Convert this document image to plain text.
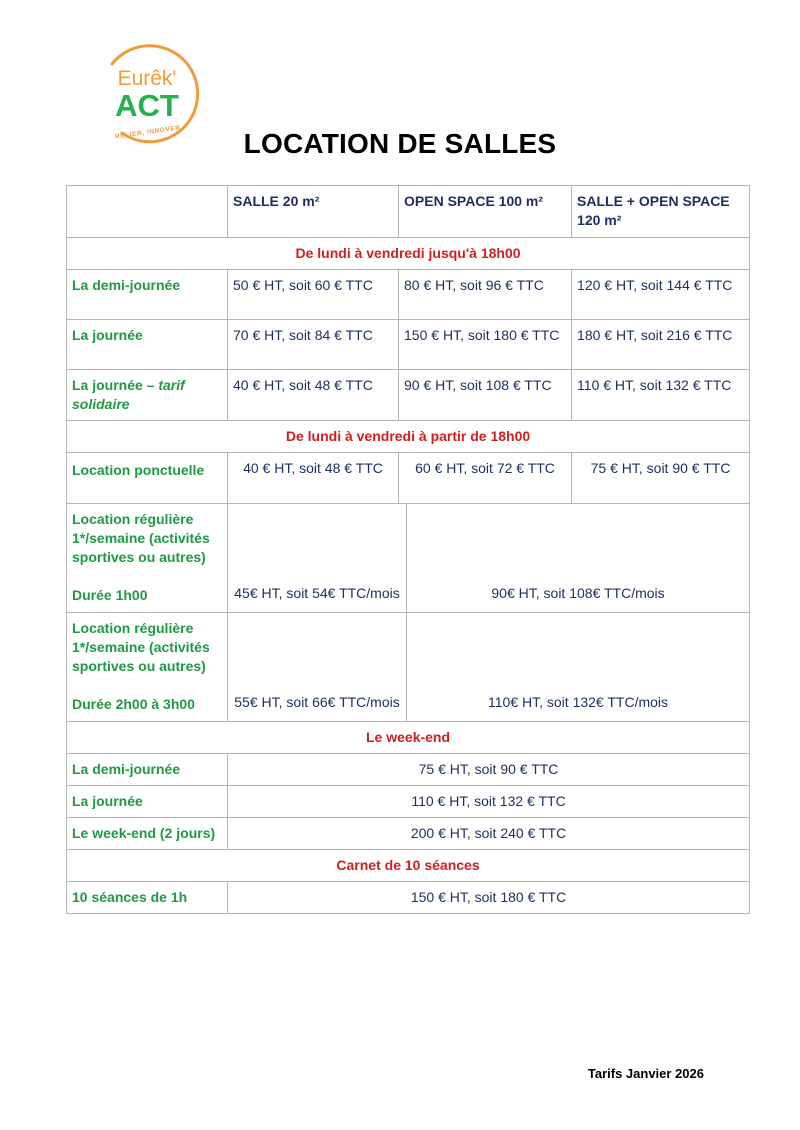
Eurêk'
ACT
RELIER, INNOVER	LOCATION DE SALLES
	SALLE 20 m²	OPEN SPACE 100 m²		SALLE + OPEN SPACE 120 m²
De lundi à vendredi jusqu'à 18h00				
La demi-journée	50 € HT, soit 60 € TTC	80 € HT, soit 96 € TTC		120 € HT, soit 144 € TTC
La journée	70 € HT, soit 84 € TTC	150 € HT, soit 180 € TTC		180 € HT, soit 216 € TTC
La journée – tarif solidaire	40 € HT, soit 48 € TTC	90 € HT, soit 108 € TTC		110 € HT, soit 132 € TTC
De lundi à vendredi à partir de 18h00				
Location ponctuelle	40 € HT, soit 48 € TTC	60 € HT, soit 72 € TTC		75 € HT, soit 90 € TTC
Location régulière 1*/semaine (activités sportives ou autres)
Durée 1h00	45€ HT, soit 54€ TTC/mois		90€ HT, soit 108€ TTC/mois	
Location régulière 1*/semaine (activités sportives ou autres)
Durée 2h00 à 3h00	55€ HT, soit 66€ TTC/mois		110€ HT, soit 132€ TTC/mois	
Le week-end				
La demi-journée	75 € HT, soit 90 € TTC			
La journée	110 € HT, soit 132 € TTC			
Le week-end (2 jours)	200 € HT, soit 240 € TTC			
Carnet de 10 séances				
10 séances de 1h	150 € HT, soit 180 € TTC			
Tarifs Janvier 2026
